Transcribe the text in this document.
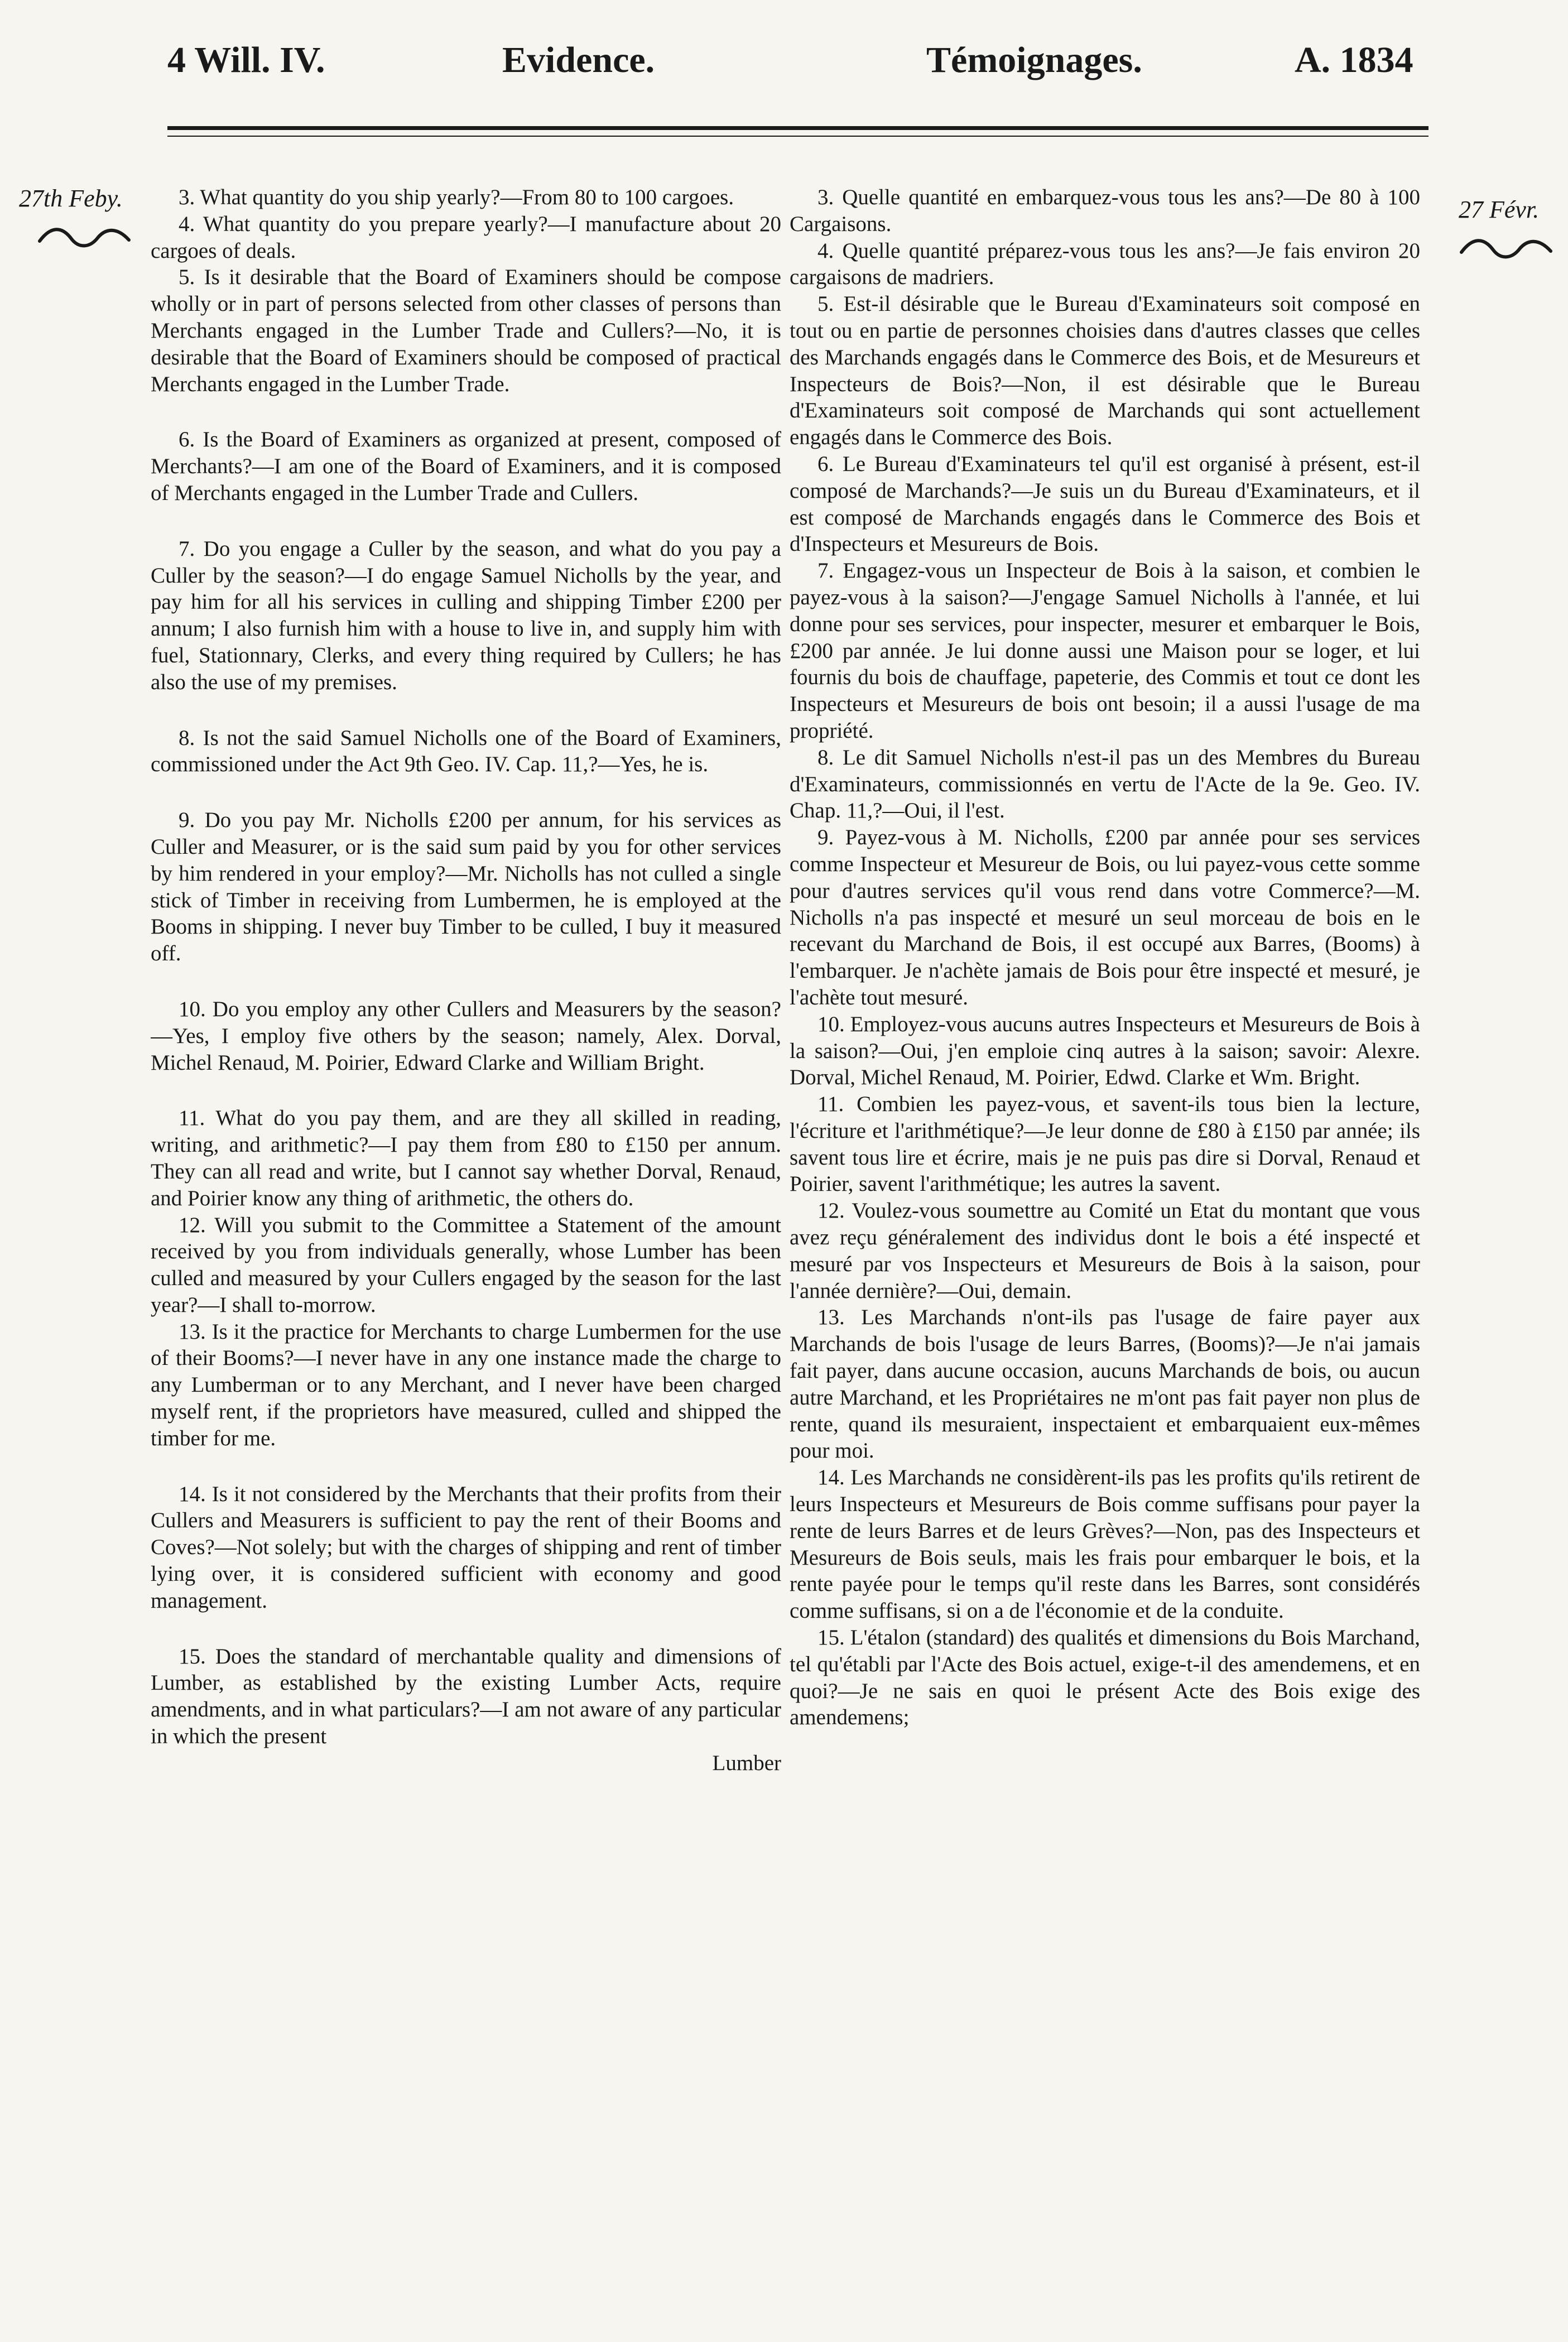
4 Will. IV.	Evidence.	Témoignages.	A. 1834
27th Feby.	27 Févr.

3. What quantity do you ship yearly?—From 80 to 100 cargoes.

4. What quantity do you prepare yearly?—I manufacture about 20 cargoes of deals.

5. Is it desirable that the Board of Examiners should be compose wholly or in part of persons selected from other classes of persons than Merchants engaged in the Lumber Trade and Cullers?—No, it is desirable that the Board of Examiners should be composed of practical Merchants engaged in the Lumber Trade.

6. Is the Board of Examiners as organized at present, composed of Merchants?—I am one of the Board of Examiners, and it is composed of Merchants engaged in the Lumber Trade and Cullers.

7. Do you engage a Culler by the season, and what do you pay a Culler by the season?—I do engage Samuel Nicholls by the year, and pay him for all his services in culling and shipping Timber £200 per annum; I also furnish him with a house to live in, and supply him with fuel, Stationnary, Clerks, and every thing required by Cullers; he has also the use of my premises.

8. Is not the said Samuel Nicholls one of the Board of Examiners, commissioned under the Act 9th Geo. IV. Cap. 11,?—Yes, he is.

9. Do you pay Mr. Nicholls £200 per annum, for his services as Culler and Measurer, or is the said sum paid by you for other services by him rendered in your employ?—Mr. Nicholls has not culled a single stick of Timber in receiving from Lumbermen, he is employed at the Booms in shipping. I never buy Timber to be culled, I buy it measured off.

10. Do you employ any other Cullers and Measurers by the season?—Yes, I employ five others by the season; namely, Alex. Dorval, Michel Renaud, M. Poirier, Edward Clarke and William Bright.

11. What do you pay them, and are they all skilled in reading, writing, and arithmetic?—I pay them from £80 to £150 per annum. They can all read and write, but I cannot say whether Dorval, Renaud, and Poirier know any thing of arithmetic, the others do.

12. Will you submit to the Committee a Statement of the amount received by you from individuals generally, whose Lumber has been culled and measured by your Cullers engaged by the season for the last year?—I shall to-morrow.

13. Is it the practice for Merchants to charge Lumbermen for the use of their Booms?—I never have in any one instance made the charge to any Lumberman or to any Merchant, and I never have been charged myself rent, if the proprietors have measured, culled and shipped the timber for me.

14. Is it not considered by the Merchants that their profits from their Cullers and Measurers is sufficient to pay the rent of their Booms and Coves?—Not solely; but with the charges of shipping and rent of timber lying over, it is considered sufficient with economy and good management.

15. Does the standard of merchantable quality and dimensions of Lumber, as established by the existing Lumber Acts, require amendments, and in what particulars?—I am not aware of any particular in which the present

Lumber

3. Quelle quantité en embarquez-vous tous les ans?—De 80 à 100 Cargaisons.

4. Quelle quantité préparez-vous tous les ans?—Je fais environ 20 cargaisons de madriers.

5. Est-il désirable que le Bureau d'Examinateurs soit composé en tout ou en partie de personnes choisies dans d'autres classes que celles des Marchands engagés dans le Commerce des Bois, et de Mesureurs et Inspecteurs de Bois?—Non, il est désirable que le Bureau d'Examinateurs soit composé de Marchands qui sont actuellement engagés dans le Commerce des Bois.

6. Le Bureau d'Examinateurs tel qu'il est organisé à présent, est-il composé de Marchands?—Je suis un du Bureau d'Examinateurs, et il est composé de Marchands engagés dans le Commerce des Bois et d'Inspecteurs et Mesureurs de Bois.

7. Engagez-vous un Inspecteur de Bois à la saison, et combien le payez-vous à la saison?—J'engage Samuel Nicholls à l'année, et lui donne pour ses services, pour inspecter, mesurer et embarquer le Bois, £200 par année. Je lui donne aussi une Maison pour se loger, et lui fournis du bois de chauffage, papeterie, des Commis et tout ce dont les Inspecteurs et Mesureurs de bois ont besoin; il a aussi l'usage de ma propriété.

8. Le dit Samuel Nicholls n'est-il pas un des Membres du Bureau d'Examinateurs, commissionnés en vertu de l'Acte de la 9e. Geo. IV. Chap. 11,?—Oui, il l'est.

9. Payez-vous à M. Nicholls, £200 par année pour ses services comme Inspecteur et Mesureur de Bois, ou lui payez-vous cette somme pour d'autres services qu'il vous rend dans votre Commerce?—M. Nicholls n'a pas inspecté et mesuré un seul morceau de bois en le recevant du Marchand de Bois, il est occupé aux Barres, (Booms) à l'embarquer. Je n'achète jamais de Bois pour être inspecté et mesuré, je l'achète tout mesuré.

10. Employez-vous aucuns autres Inspecteurs et Mesureurs de Bois à la saison?—Oui, j'en emploie cinq autres à la saison; savoir: Alexre. Dorval, Michel Renaud, M. Poirier, Edwd. Clarke et Wm. Bright.

11. Combien les payez-vous, et savent-ils tous bien la lecture, l'écriture et l'arithmétique?—Je leur donne de £80 à £150 par année; ils savent tous lire et écrire, mais je ne puis pas dire si Dorval, Renaud et Poirier, savent l'arithmétique; les autres la savent.

12. Voulez-vous soumettre au Comité un Etat du montant que vous avez reçu généralement des individus dont le bois a été inspecté et mesuré par vos Inspecteurs et Mesureurs de Bois à la saison, pour l'année dernière?—Oui, demain.

13. Les Marchands n'ont-ils pas l'usage de faire payer aux Marchands de bois l'usage de leurs Barres, (Booms)?—Je n'ai jamais fait payer, dans aucune occasion, aucuns Marchands de bois, ou aucun autre Marchand, et les Propriétaires ne m'ont pas fait payer non plus de rente, quand ils mesuraient, inspectaient et embarquaient eux-mêmes pour moi.

14. Les Marchands ne considèrent-ils pas les profits qu'ils retirent de leurs Inspecteurs et Mesureurs de Bois comme suffisans pour payer la rente de leurs Barres et de leurs Grèves?—Non, pas des Inspecteurs et Mesureurs de Bois seuls, mais les frais pour embarquer le bois, et la rente payée pour le temps qu'il reste dans les Barres, sont considérés comme suffisans, si on a de l'économie et de la conduite.

15. L'étalon (standard) des qualités et dimensions du Bois Marchand, tel qu'établi par l'Acte des Bois actuel, exige-t-il des amendemens, et en quoi?—Je ne sais en quoi le présent Acte des Bois exige des amendemens;
